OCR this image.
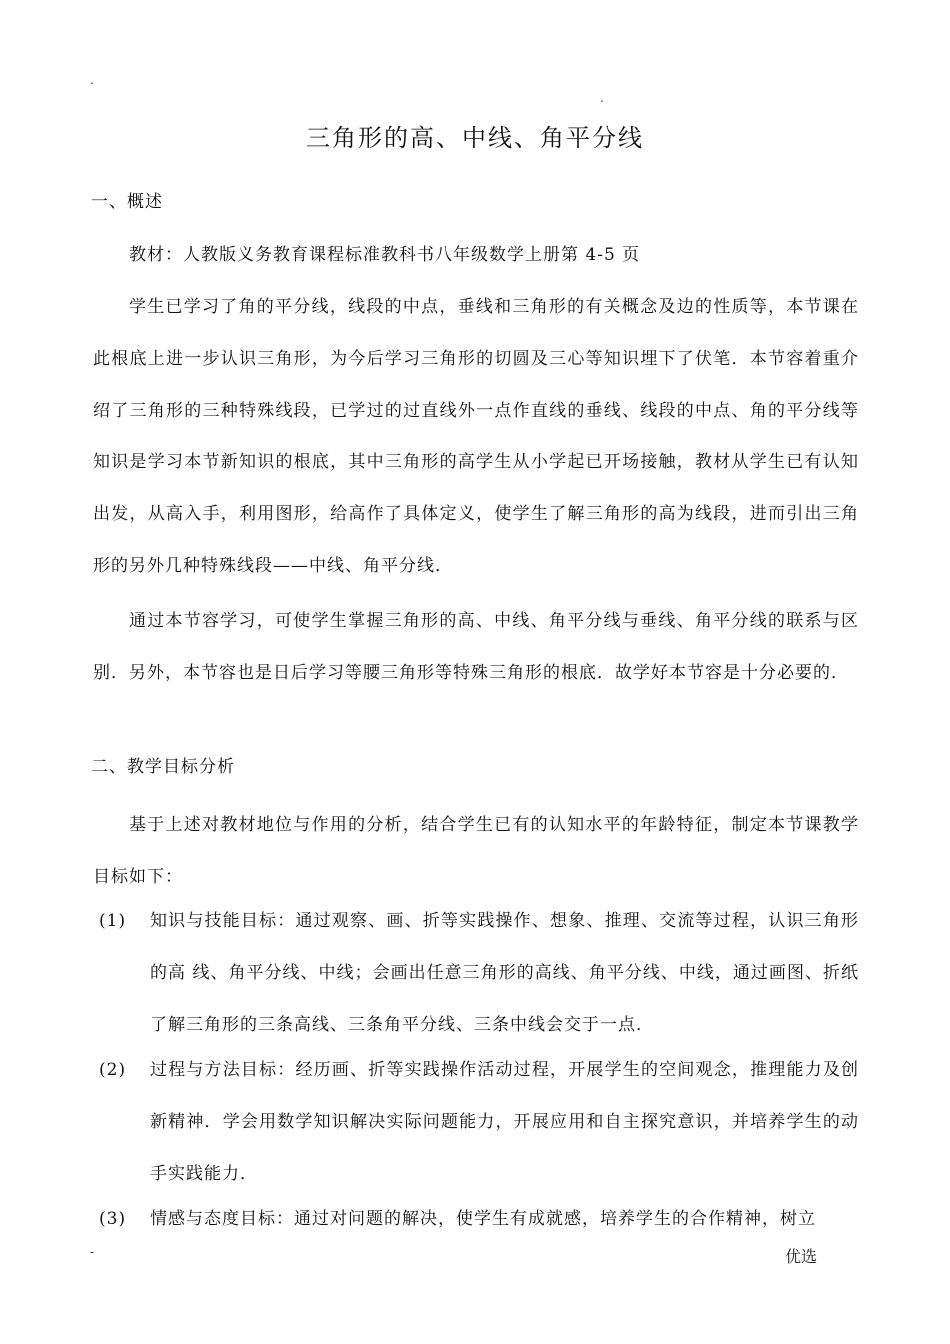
.
.
三角形的高、中线、角平分线
一、概述
教材：人教版义务教育课程标准教科书八年级数学上册第 4-5 页
学生已学习了角的平分线，线段的中点，垂线和三角形的有关概念及边的性质等，本节课在此根底上进一步认识三角形，为今后学习三角形的切圆及三心等知识埋下了伏笔．本节容着重介绍了三角形的三种特殊线段，已学过的过直线外一点作直线的垂线、线段的中点、角的平分线等知识是学习本节新知识的根底，其中三角形的高学生从小学起已开场接触，教材从学生已有认知出发，从高入手，利用图形，给高作了具体定义，使学生了解三角形的高为线段，进而引出三角形的另外几种特殊线段——中线、角平分线．
通过本节容学习，可使学生掌握三角形的高、中线、角平分线与垂线、角平分线的联系与区别．另外，本节容也是日后学习等腰三角形等特殊三角形的根底．故学好本节容是十分必要的．
二、教学目标分析
基于上述对教材地位与作用的分析，结合学生已有的认知水平的年龄特征，制定本节课教学目标如下：
(1) 知识与技能目标：通过观察、画、折等实践操作、想象、推理、交流等过程，认识三角形的高 线、角平分线、中线；会画出任意三角形的高线、角平分线、中线，通过画图、折纸了解三角形的三条高线、三条角平分线、三条中线会交于一点．
(2) 过程与方法目标：经历画、折等实践操作活动过程，开展学生的空间观念，推理能力及创新精神．学会用数学知识解决实际问题能力，开展应用和自主探究意识，并培养学生的动手实践能力．
(3) 情感与态度目标：通过对问题的解决，使学生有成就感，培养学生的合作精神，树立
-	优选
